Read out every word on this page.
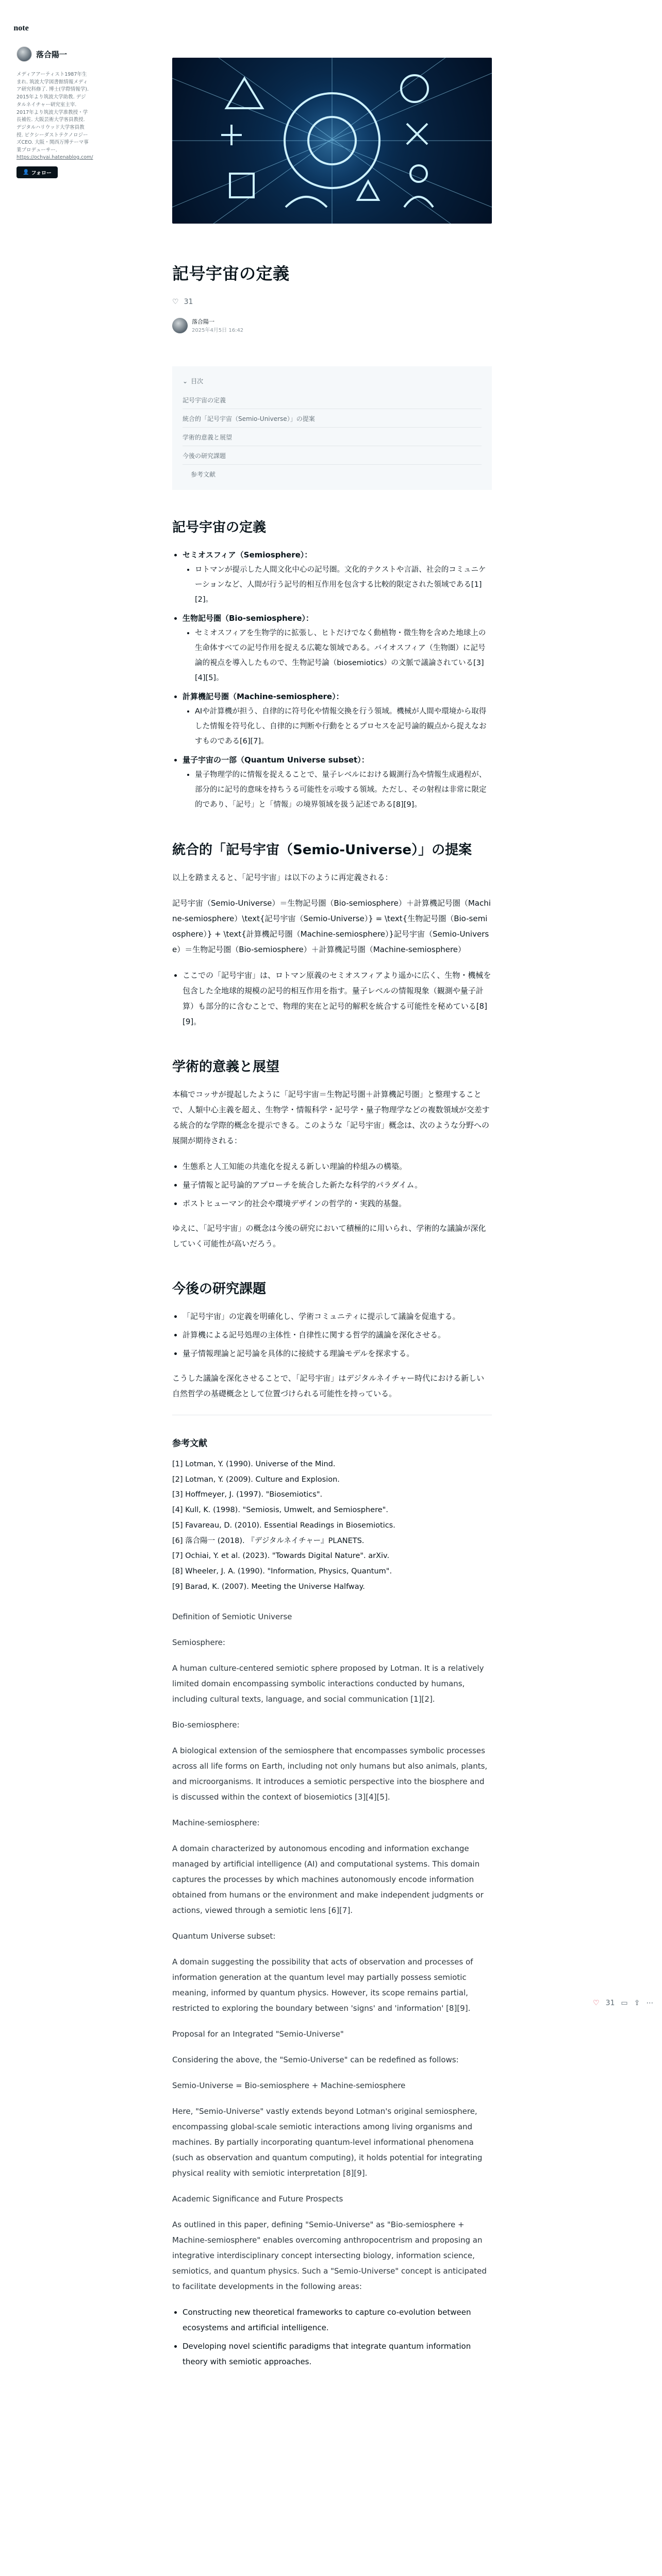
note
落合陽一

メディアアーティスト1987年生まれ. 筑波大学図書館情報メディア研究科修了. 博士(学際情報学). 2015年より筑波大学助教. デジタルネイチャー研究室主宰. 2017年より筑波大学准教授・学長補佐. 大阪芸術大学客員教授. デジタルハリウッド大学客員教授. ピクシーダストテクノロジーズCEO. 大阪・関西万博テーマ事業プロデューサー.

https://ochyai.hatenablog.com/
👤 フォロー
記号宇宙の定義
♡ 31
落合陽一
2025年4月5日 16:42
⌄ 目次
記号宇宙の定義
統合的「記号宇宙（Semio-Universe）」の提案
学術的意義と展望
今後の研究課題
参考文献
記号宇宙の定義
• セミオスフィア（Semiosphere）：
• ロトマンが提示した人間文化中心の記号圏。文化的テクストや言語、社会的コミュニケーションなど、人間が行う記号的相互作用を包含する比較的限定された領域である[1][2]。
• 生物記号圏（Bio-semiosphere）：
• セミオスフィアを生物学的に拡張し、ヒトだけでなく動植物・微生物を含めた地球上の生命体すべての記号作用を捉える広範な領域である。バイオスフィア（生物圏）に記号論的視点を導入したもので、生物記号論（biosemiotics）の文脈で議論されている[3][4][5]。
• 計算機記号圏（Machine-semiosphere）：
• AIや計算機が担う、自律的に符号化や情報交換を行う領域。機械が人間や環境から取得した情報を符号化し、自律的に判断や行動をとるプロセスを記号論的観点から捉えなおすものである[6][7]。
• 量子宇宙の一部（Quantum Universe subset）：
• 量子物理学的に情報を捉えることで、量子レベルにおける観測行為や情報生成過程が、部分的に記号的意味を持ちうる可能性を示唆する領域。ただし、その射程は非常に限定的であり、「記号」と「情報」の境界領域を扱う記述である[8][9]。
統合的「記号宇宙（Semio-Universe）」の提案

以上を踏まえると、「記号宇宙」は以下のように再定義される：

記号宇宙（Semio-Universe）＝生物記号圏（Bio-semiosphere）＋計算機記号圏（Machine-semiosphere）\text{記号宇宙（Semio-Universe）} = \text{生物記号圏（Bio-semiosphere）} + \text{計算機記号圏（Machine-semiosphere）}記号宇宙（Semio-Universe）＝生物記号圏（Bio-semiosphere）＋計算機記号圏（Machine-semiosphere）

• ここでの「記号宇宙」は、ロトマン原義のセミオスフィアより遥かに広く、生物・機械を包含した全地球的規模の記号的相互作用を指す。量子レベルの情報現象（観測や量子計算）も部分的に含むことで、物理的実在と記号的解釈を統合する可能性を秘めている[8][9]。
学術的意義と展望

本稿でコッサが提起したように「記号宇宙＝生物記号圏＋計算機記号圏」と整理することで、人類中心主義を超え、生物学・情報科学・記号学・量子物理学などの複数領域が交差する統合的な学際的概念を提示できる。このような「記号宇宙」概念は、次のような分野への展開が期待される：

• 生態系と人工知能の共進化を捉える新しい理論的枠組みの構築。
• 量子情報と記号論的アプローチを統合した新たな科学的パラダイム。
• ポストヒューマン的社会や環境デザインの哲学的・実践的基盤。

ゆえに、「記号宇宙」の概念は今後の研究において積極的に用いられ、学術的な議論が深化していく可能性が高いだろう。

今後の研究課題
• 「記号宇宙」の定義を明確化し、学術コミュニティに提示して議論を促進する。
• 計算機による記号処理の主体性・自律性に関する哲学的議論を深化させる。
• 量子情報理論と記号論を具体的に接続する理論モデルを探求する。

こうした議論を深化させることで、「記号宇宙」はデジタルネイチャー時代における新しい自然哲学の基礎概念として位置づけられる可能性を持っている。

参考文献
[1] Lotman, Y. (1990). Universe of the Mind.
[2] Lotman, Y. (2009). Culture and Explosion.
[3] Hoffmeyer, J. (1997). "Biosemiotics".
[4] Kull, K. (1998). "Semiosis, Umwelt, and Semiosphere".
[5] Favareau, D. (2010). Essential Readings in Biosemiotics.
[6] 落合陽一 (2018). 『デジタルネイチャー』PLANETS.
[7] Ochiai, Y. et al. (2023). "Towards Digital Nature". arXiv.
[8] Wheeler, J. A. (1990). "Information, Physics, Quantum".
[9] Barad, K. (2007). Meeting the Universe Halfway.

Definition of Semiotic Universe

Semiosphere:

A human culture-centered semiotic sphere proposed by Lotman. It is a relatively limited domain encompassing symbolic interactions conducted by humans, including cultural texts, language, and social communication [1][2].

Bio-semiosphere:

A biological extension of the semiosphere that encompasses symbolic processes across all life forms on Earth, including not only humans but also animals, plants, and microorganisms. It introduces a semiotic perspective into the biosphere and is discussed within the context of biosemiotics [3][4][5].

Machine-semiosphere:

A domain characterized by autonomous encoding and information exchange managed by artificial intelligence (AI) and computational systems. This domain captures the processes by which machines autonomously encode information obtained from humans or the environment and make independent judgments or actions, viewed through a semiotic lens [6][7].

Quantum Universe subset:

A domain suggesting the possibility that acts of observation and processes of information generation at the quantum level may partially possess semiotic meaning, informed by quantum physics. However, its scope remains partial, restricted to exploring the boundary between 'signs' and 'information' [8][9].

Proposal for an Integrated "Semio-Universe"

Considering the above, the "Semio-Universe" can be redefined as follows:

Semio-Universe = Bio-semiosphere + Machine-semiosphere

Here, "Semio-Universe" vastly extends beyond Lotman's original semiosphere, encompassing global-scale semiotic interactions among living organisms and machines. By partially incorporating quantum-level informational phenomena (such as observation and quantum computing), it holds potential for integrating physical reality with semiotic interpretation [8][9].

Academic Significance and Future Prospects

As outlined in this paper, defining "Semio-Universe" as "Bio-semiosphere + Machine-semiosphere" enables overcoming anthropocentrism and proposing an integrative interdisciplinary concept intersecting biology, information science, semiotics, and quantum physics. Such a "Semio-Universe" concept is anticipated to facilitate developments in the following areas:

• Constructing new theoretical frameworks to capture co-evolution between ecosystems and artificial intelligence.
• Developing novel scientific paradigms that integrate quantum information theory with semiotic approaches.
♡ 31 ▭ ⇪ ⋯
